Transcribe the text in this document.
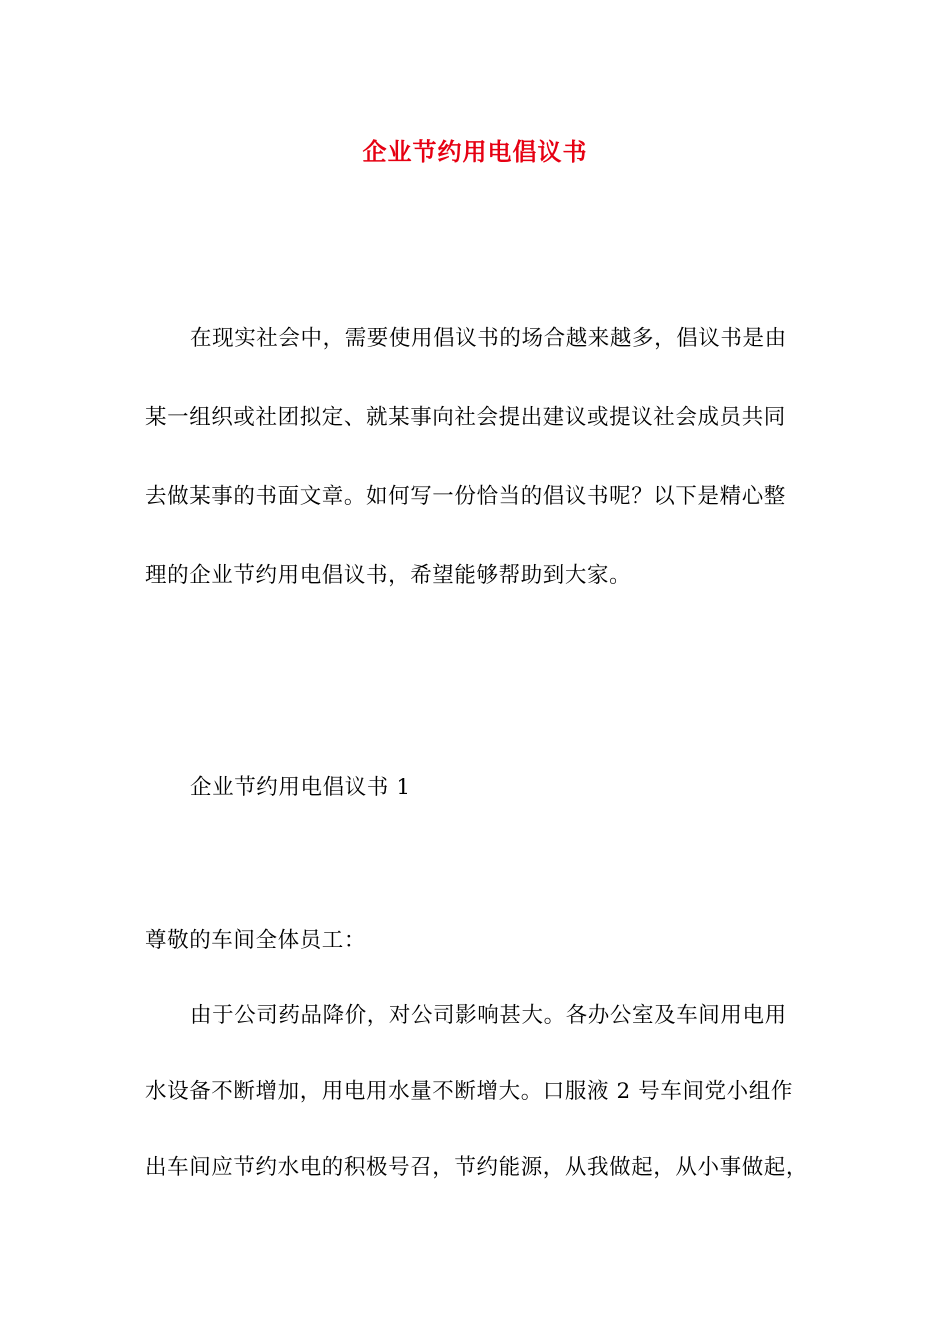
企业节约用电倡议书
在现实社会中，需要使用倡议书的场合越来越多，倡议书是由
某一组织或社团拟定、就某事向社会提出建议或提议社会成员共同
去做某事的书面文章。如何写一份恰当的倡议书呢？以下是精心整
理的企业节约用电倡议书，希望能够帮助到大家。
企业节约用电倡议书 1
尊敬的车间全体员工：
由于公司药品降价，对公司影响甚大。各办公室及车间用电用
水设备不断增加，用电用水量不断增大。口服液 2 号车间党小组作
出车间应节约水电的积极号召，节约能源，从我做起，从小事做起，
